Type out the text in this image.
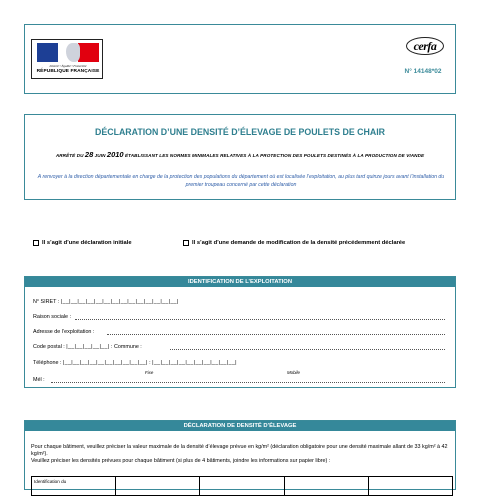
Liberté • Égalité • Fraternité
RÉPUBLIQUE FRANÇAISE
cerfa
N° 14148*02
DÉCLARATION D’UNE DENSITÉ D’ÉLEVAGE DE POULETS DE CHAIR
ARRÊTÉ DU 28 JUIN 2010 ÉTABLISSANT LES NORMES MINIMALES RELATIVES À LA PROTECTION DES POULETS DESTINÉS À LA PRODUCTION DE VIANDE
A renvoyer à la direction départementale en charge de la protection des populations du département où est localisée l’exploitation, au plus tard quinze jours avant l’installation du premier troupeau concerné par cette déclaration
Il s’agit d’une déclaration initiale	Il s’agit d’une demande de modification de la densité précédemment déclarée
IDENTIFICATION DE L’EXPLOITATION
N° SIRET : |__|__|__|__|__|__|__|__|__|__|__|__|__|__|
Raison sociale :
Adresse de l’exploitation :
Code postal : |__|__|__|__|__| : Commune :
Téléphone : |__|__|__|__|__|__|__|__|__|__| : |__|__|__|__|__|__|__|__|__|__|
Fixe	Mobile
Mél :
DÉCLARATION DE DENSITÉ D’ÉLEVAGE
Pour chaque bâtiment, veuillez préciser la valeur maximale de la densité d’élevage prévue en kg/m² (déclaration obligatoire pour une densité maximale allant de 33 kg/m² à 42 kg/m²).
Veuillez préciser les densités prévues pour chaque bâtiment (si plus de 4 bâtiments, joindre les informations sur papier libre) :
Identification du
